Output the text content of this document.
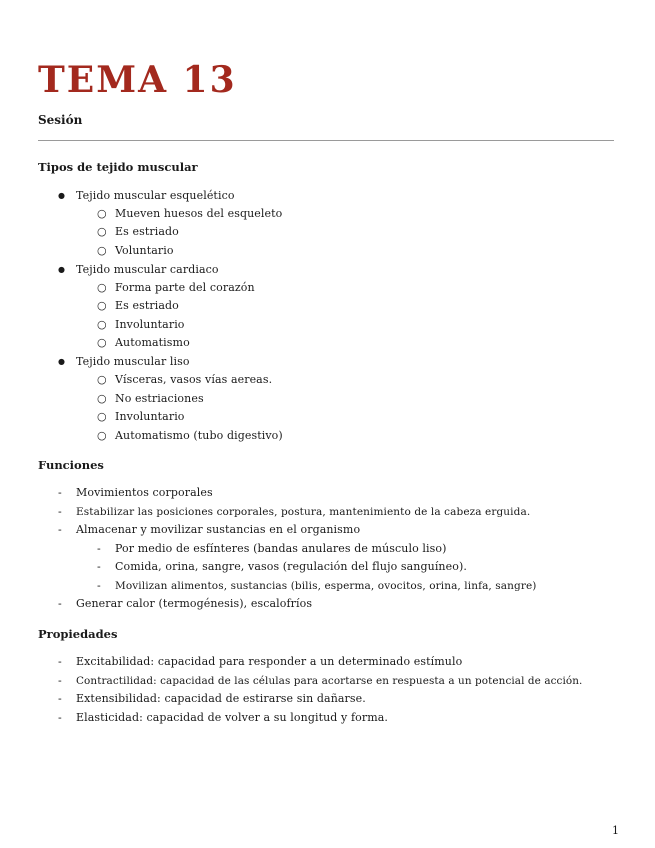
TEMA 13

Sesión

Tipos de tejido muscular
● Tejido muscular esquelético
○ Mueven huesos del esqueleto
○ Es estriado
○ Voluntario
● Tejido muscular cardiaco
○ Forma parte del corazón
○ Es estriado
○ Involuntario
○ Automatismo
● Tejido muscular liso
○ Vísceras, vasos vías aereas.
○ No estriaciones
○ Involuntario
○ Automatismo (tubo digestivo)
Funciones
- Movimientos corporales
- Estabilizar las posiciones corporales, postura, mantenimiento de la cabeza erguida.
- Almacenar y movilizar sustancias en el organismo
- Por medio de esfínteres (bandas anulares de músculo liso)
- Comida, orina, sangre, vasos (regulación del flujo sanguíneo).
- Movilizan alimentos, sustancias (bilis, esperma, ovocitos, orina, linfa, sangre)
- Generar calor (termogénesis), escalofríos
Propiedades
- Excitabilidad: capacidad para responder a un determinado estímulo
- Contractilidad: capacidad de las células para acortarse en respuesta a un potencial de acción.
- Extensibilidad: capacidad de estirarse sin dañarse.
- Elasticidad: capacidad de volver a su longitud y forma.
1
